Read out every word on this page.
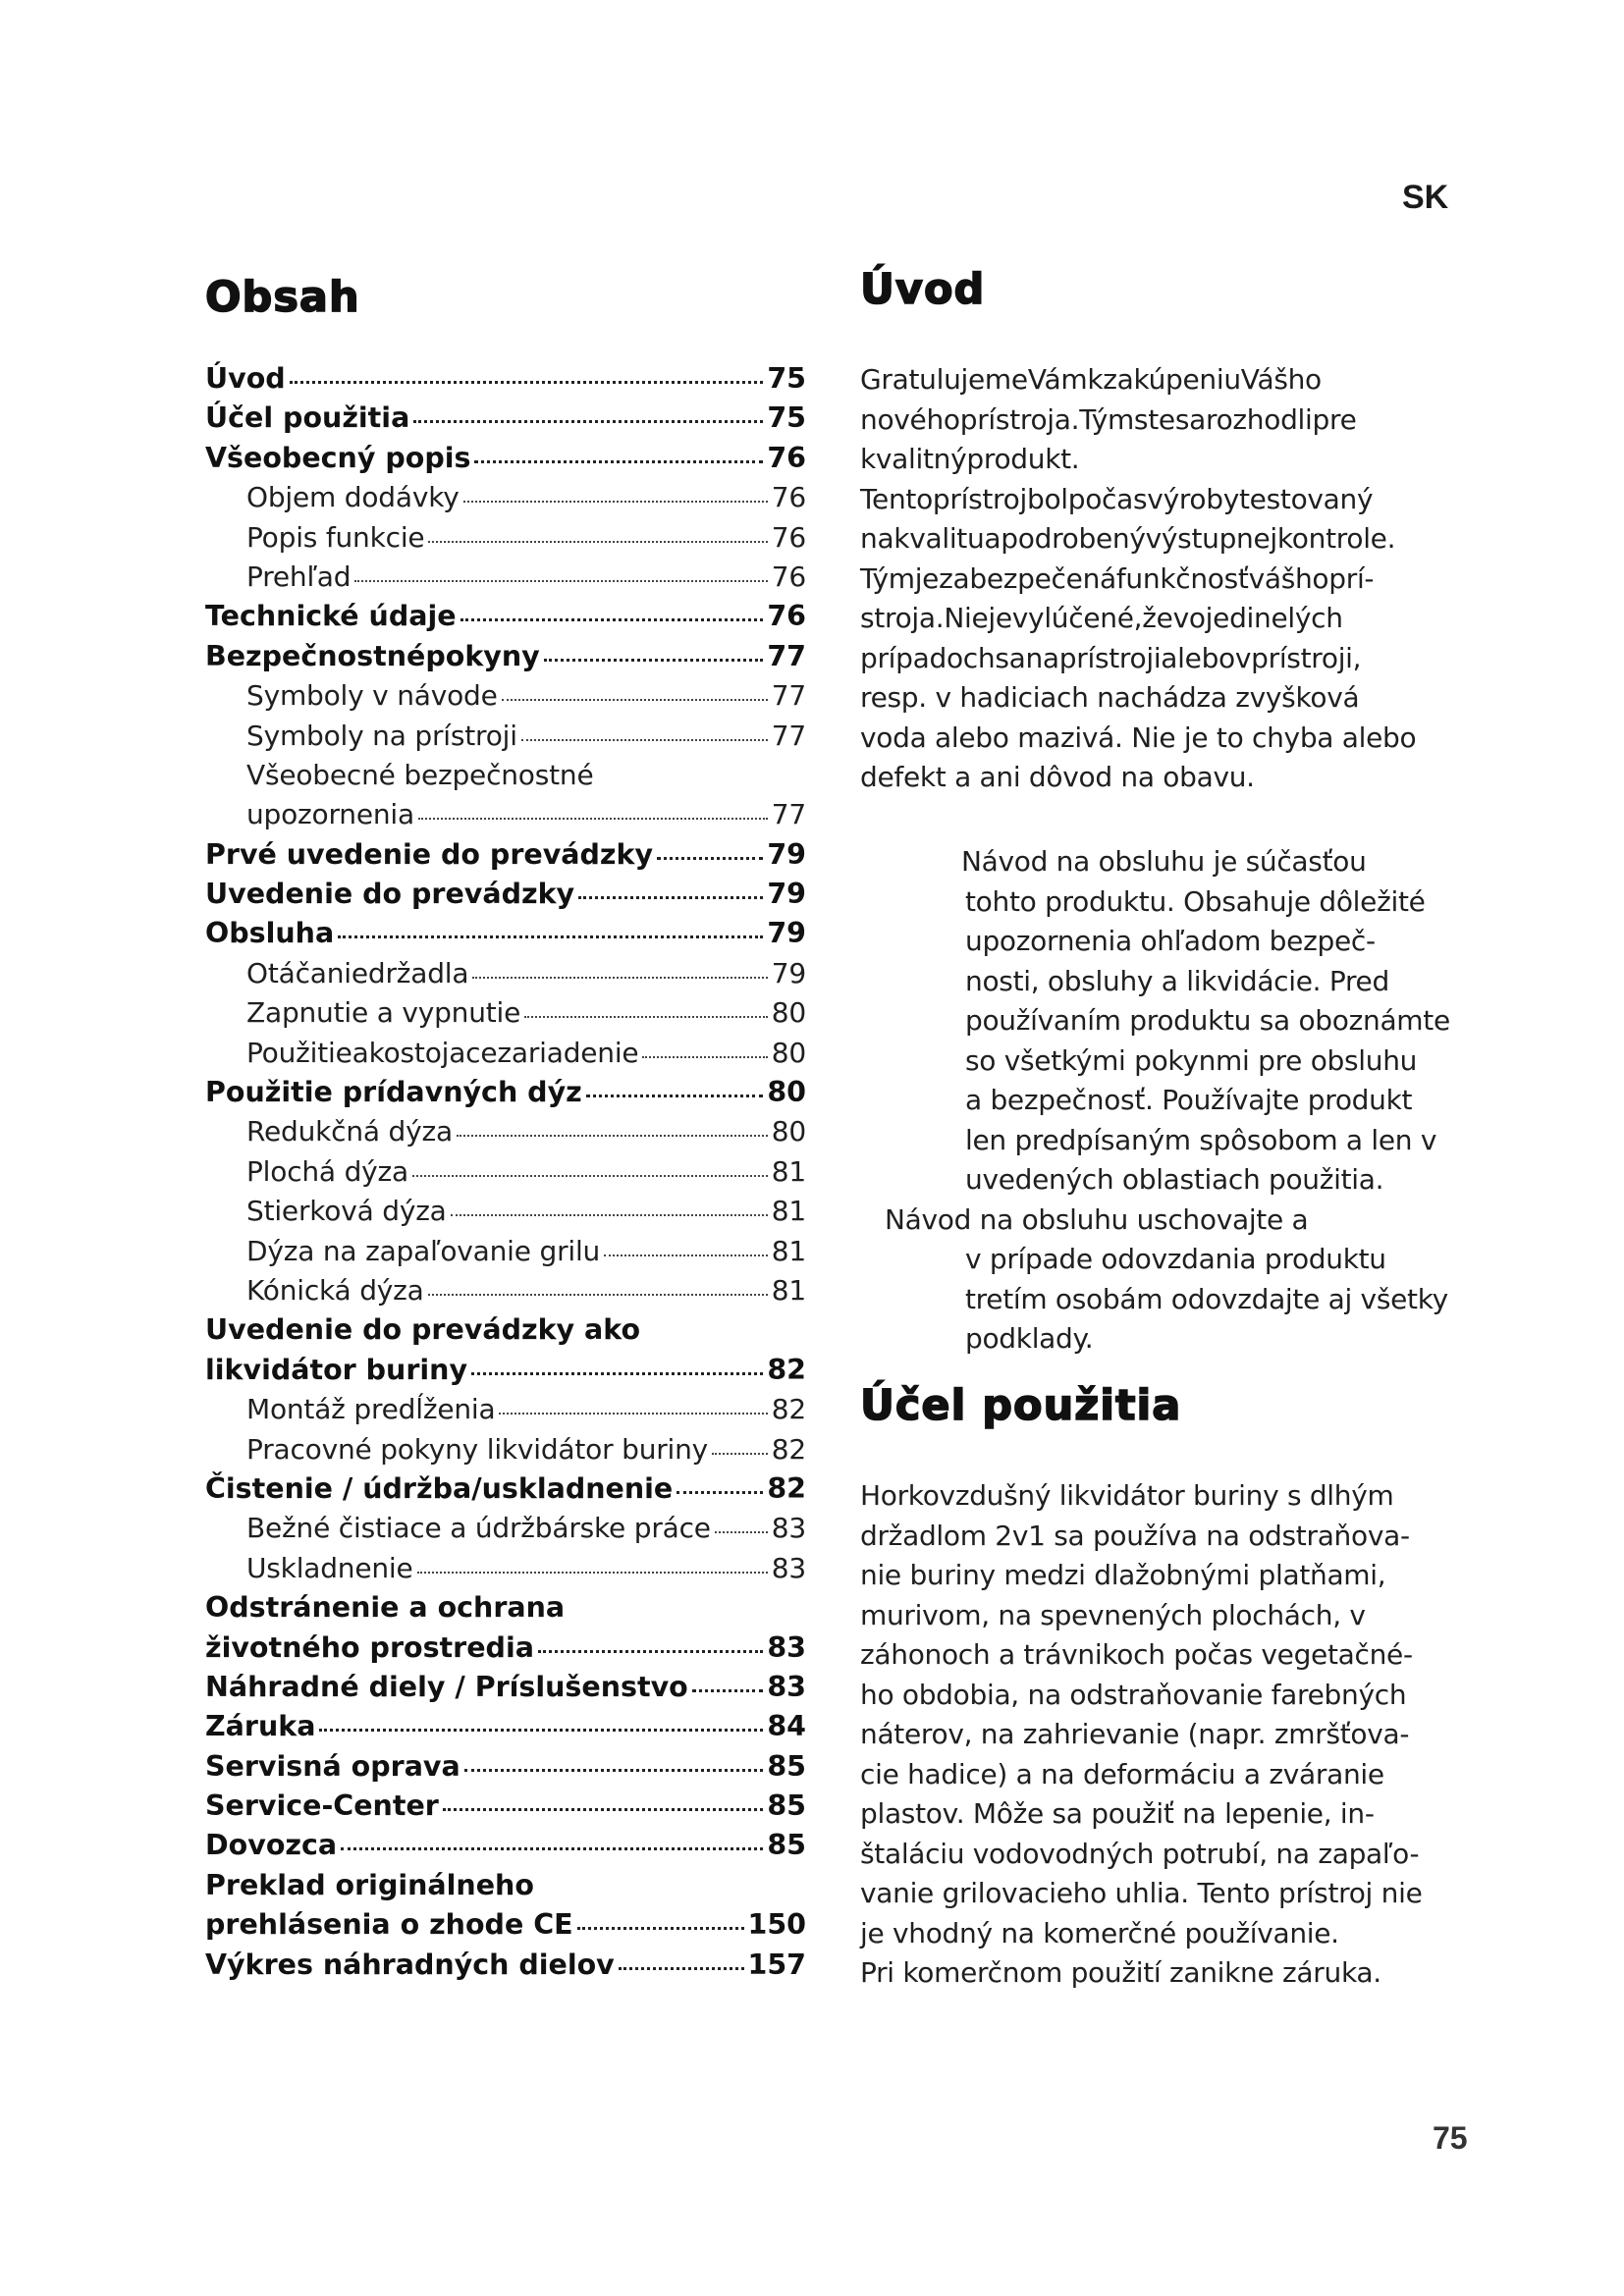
SK
Obsah
Úvod	75
Účel použitia	75
Všeobecný popis	76
Objem dodávky	76
Popis funkcie	76
Prehľad	76
Technické údaje	76
Bezpečnostnépokyny	77
Symboly v návode	77
Symboly na prístroji	77
Všeobecné bezpečnostné
upozornenia	77
Prvé uvedenie do prevádzky	79
Uvedenie do prevádzky	79
Obsluha	79
Otáčaniedržadla	79
Zapnutie a vypnutie	80
Použitieakostojacezariadenie	80
Použitie prídavných dýz	80
Redukčná dýza	80
Plochá dýza	81
Stierková dýza	81
Dýza na zapaľovanie grilu	81
Kónická dýza	81
Uvedenie do prevádzky ako
likvidátor buriny	82
Montáž predĺženia	82
Pracovné pokyny likvidátor buriny 82
Čistenie / údržba/uskladnenie	82
Bežné čistiace a údržbárske práce 83
Uskladnenie	83
Odstránenie a ochrana
životného prostredia	83
Náhradné diely / Príslušenstvo	83
Záruka	84
Servisná oprava	85
Service-Center	85
Dovozca	85
Preklad originálneho
prehlásenia o zhode CE	150
Výkres náhradných dielov	157
Úvod

GratulujemeVámkzakúpeniuVášho
novéhoprístroja.Týmstesarozhodlipre
kvalitnýprodukt.
Tentoprístrojbolpočasvýrobytestovaný
nakvalituapodrobenývýstupnejkontrole.
Týmjezabezpečenáfunkčnosťvášhoprí-
stroja.Niejevylúčené,ževojedinelých
prípadochsanaprístrojialebovprístroji,
resp. v hadiciach nachádza zvyšková
voda alebo mazivá. Nie je to chyba alebo
defekt a ani dôvod na obavu.

Návod na obsluhu je súčasťou
tohto produktu. Obsahuje dôležité
upozornenia ohľadom bezpeč-
nosti, obsluhy a likvidácie. Pred
používaním produktu sa oboznámte
so všetkými pokynmi pre obsluhu
a bezpečnosť. Používajte produkt
len predpísaným spôsobom a len v
uvedených oblastiach použitia.
Návod na obsluhu uschovajte a
v prípade odovzdania produktu
tretím osobám odovzdajte aj všetky
podklady.

Účel použitia

Horkovzdušný likvidátor buriny s dlhým
držadlom 2v1 sa používa na odstraňova-
nie buriny medzi dlažobnými platňami,
murivom, na spevnených plochách, v
záhonoch a trávnikoch počas vegetačné-
ho obdobia, na odstraňovanie farebných
náterov, na zahrievanie (napr. zmršťova-
cie hadice) a na deformáciu a zváranie
plastov. Môže sa použiť na lepenie, in-
štaláciu vodovodných potrubí, na zapaľo-
vanie grilovacieho uhlia. Tento prístroj nie
je vhodný na komerčné používanie.
Pri komerčnom použití zanikne záruka.

75
